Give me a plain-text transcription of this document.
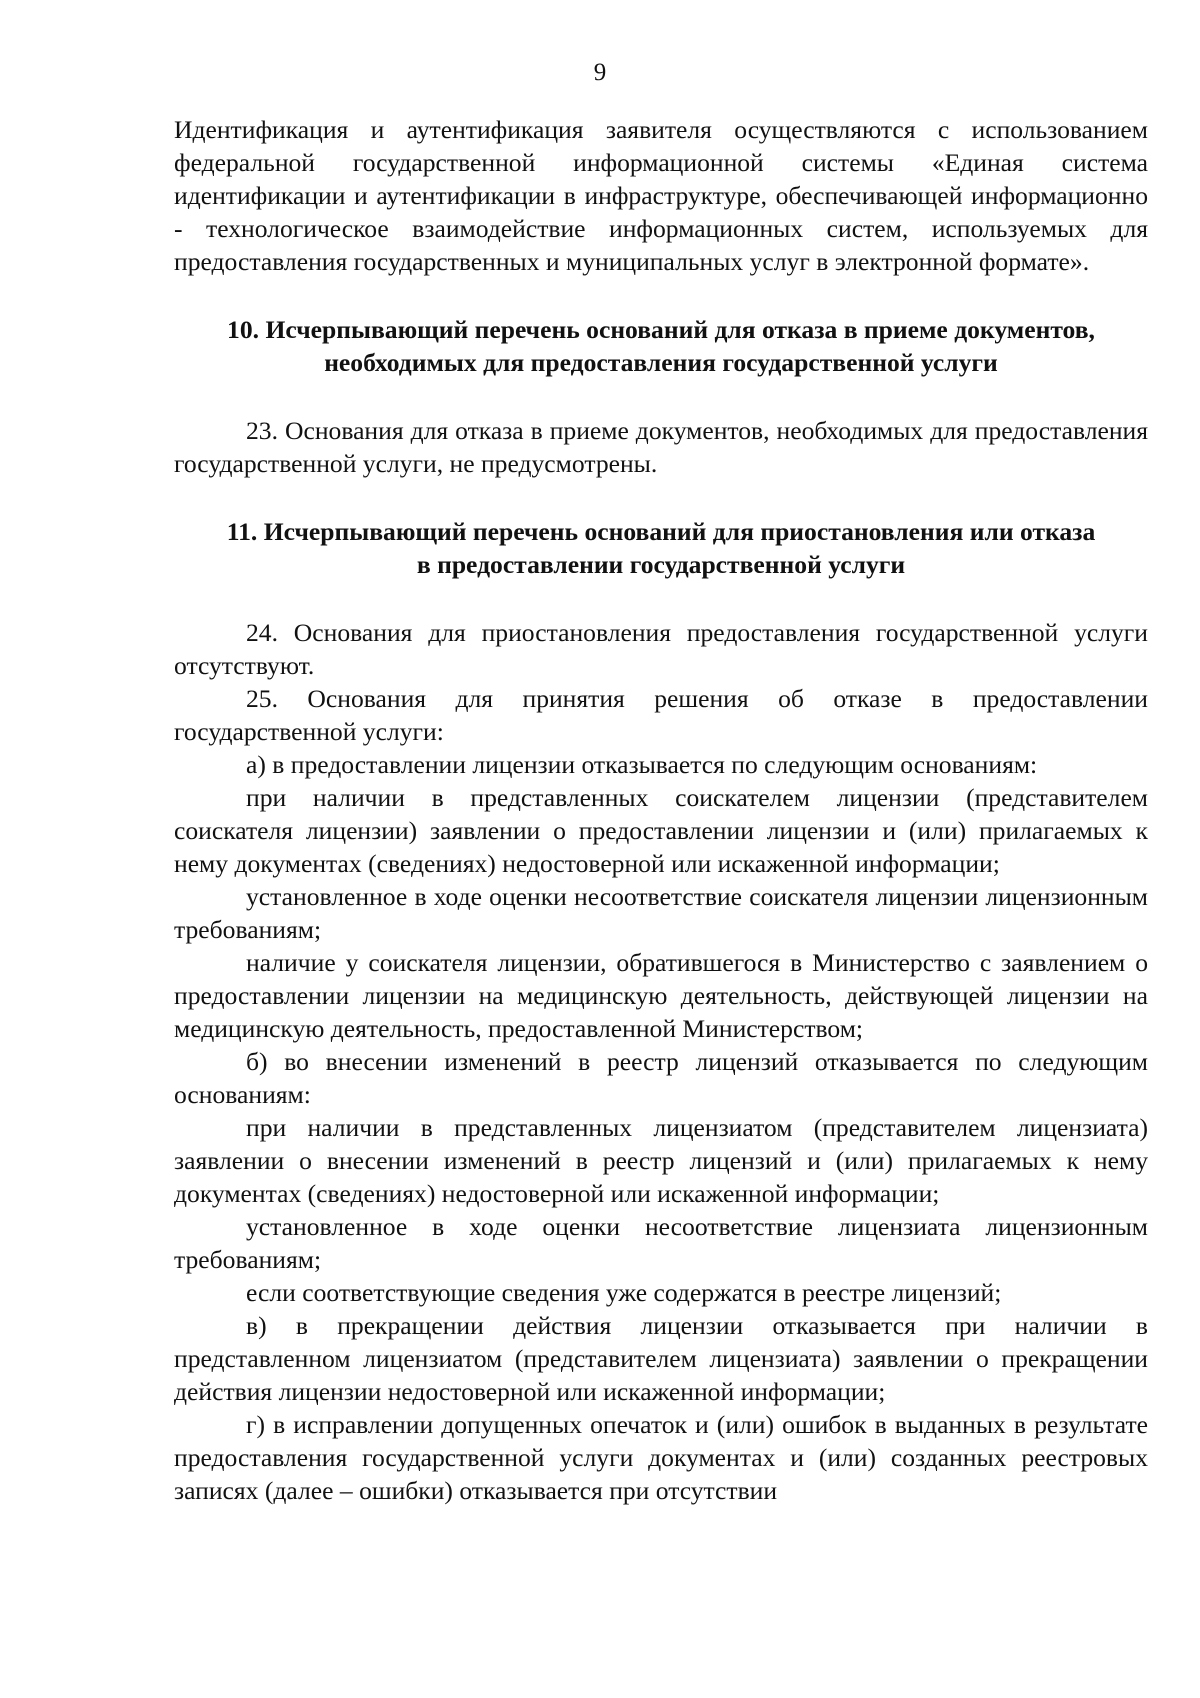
9

Идентификация и аутентификация заявителя осуществляются с использованием федеральной государственной информационной системы «Единая система идентификации и аутентификации в инфраструктуре, обеспечивающей информационно - технологическое взаимодействие информационных систем, используемых для предоставления государственных и муниципальных услуг в электронной формате».

10. Исчерпывающий перечень оснований для отказа в приеме документов,
необходимых для предоставления государственной услуги

23. Основания для отказа в приеме документов, необходимых для предоставления государственной услуги, не предусмотрены.

11. Исчерпывающий перечень оснований для приостановления или отказа
в предоставлении государственной услуги

24. Основания для приостановления предоставления государственной услуги отсутствуют.

25. Основания для принятия решения об отказе в предоставлении государственной услуги:

а) в предоставлении лицензии отказывается по следующим основаниям:

при наличии в представленных соискателем лицензии (представителем соискателя лицензии) заявлении о предоставлении лицензии и (или) прилагаемых к нему документах (сведениях) недостоверной или искаженной информации;

установленное в ходе оценки несоответствие соискателя лицензии лицензионным требованиям;

наличие у соискателя лицензии, обратившегося в Министерство с заявлением о предоставлении лицензии на медицинскую деятельность, действующей лицензии на медицинскую деятельность, предоставленной Министерством;

б) во внесении изменений в реестр лицензий отказывается по следующим основаниям:

при наличии в представленных лицензиатом (представителем лицензиата) заявлении о внесении изменений в реестр лицензий и (или) прилагаемых к нему документах (сведениях) недостоверной или искаженной информации;

установленное в ходе оценки несоответствие лицензиата лицензионным требованиям;

если соответствующие сведения уже содержатся в реестре лицензий;

в) в прекращении действия лицензии отказывается при наличии в представленном лицензиатом (представителем лицензиата) заявлении о прекращении действия лицензии недостоверной или искаженной информации;

г) в исправлении допущенных опечаток и (или) ошибок в выданных в результате предоставления государственной услуги документах и (или) созданных реестровых записях (далее – ошибки) отказывается при отсутствии
